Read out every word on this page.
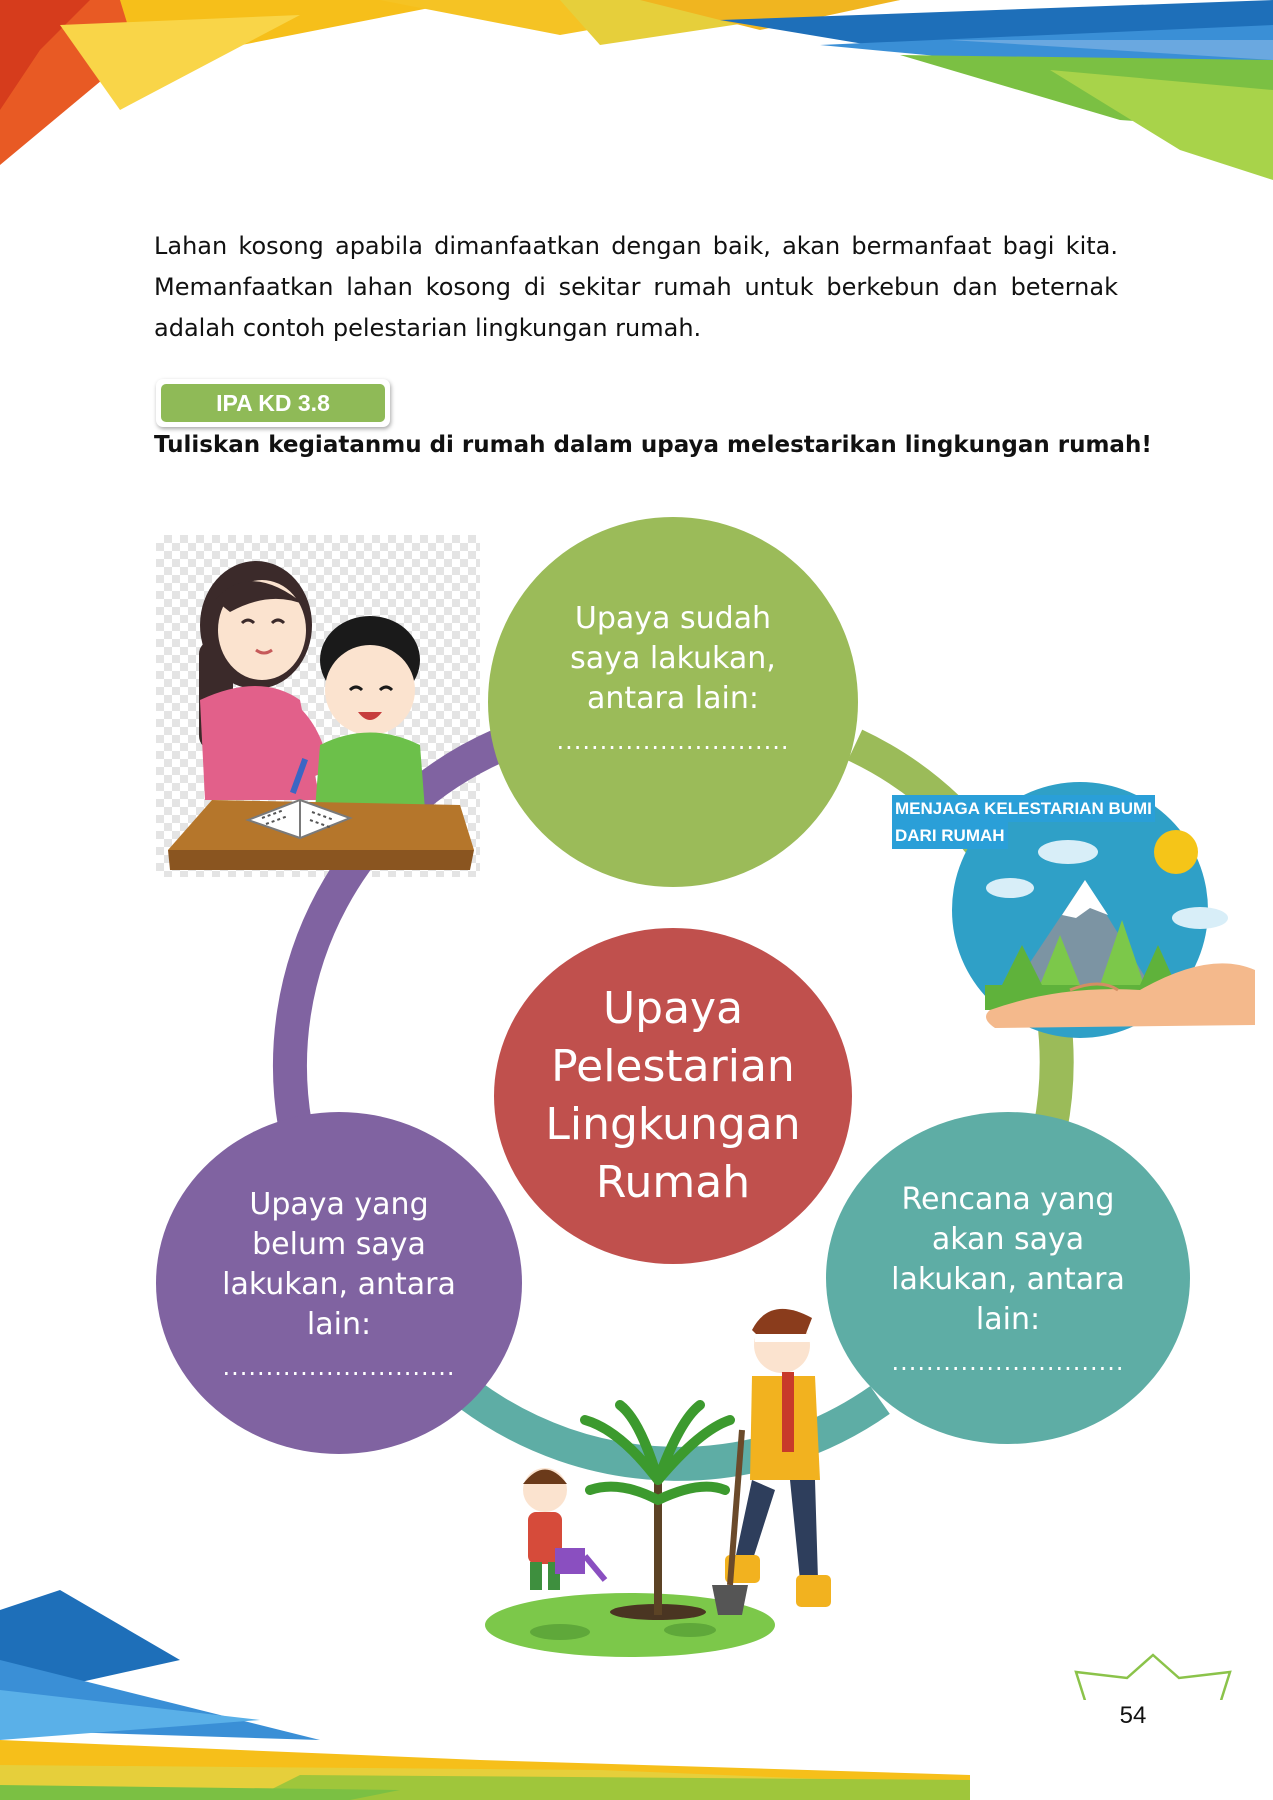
Lahan kosong apabila dimanfaatkan dengan baik, akan bermanfaat bagi kita. Memanfaatkan lahan kosong di sekitar rumah untuk berkebun dan beternak adalah contoh pelestarian lingkungan rumah.

IPA KD 3.8

Tuliskan kegiatanmu di rumah dalam upaya melestarikan lingkungan rumah!

MENJAGA KELESTARIAN BUMI
DARI RUMAH
Upaya sudah saya lakukan, antara lain:
...........................
Upaya yang belum saya lakukan, antara lain:
...........................
Rencana yang akan saya lakukan, antara lain:
...........................
Upaya Pelestarian Lingkungan Rumah
54
